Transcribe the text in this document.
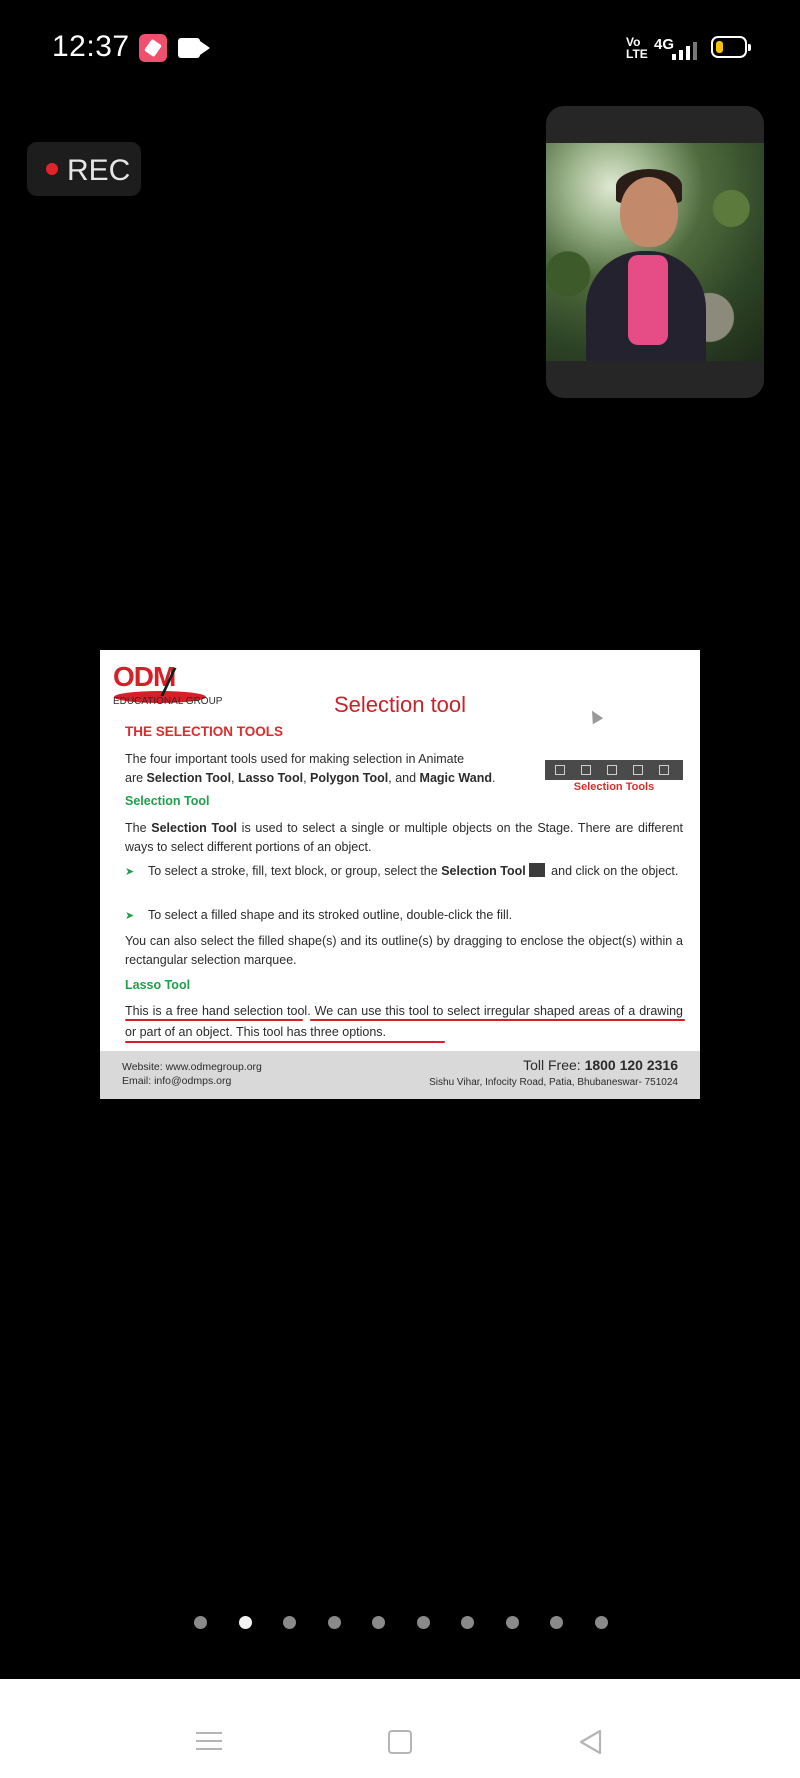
12:37	Vo
LTE
4G
REC
ODM
EDUCATIONAL GROUP	Selection tool
THE SELECTION TOOLS
The four important tools used for making selection in Animate
are Selection Tool, Lasso Tool, Polygon Tool, and Magic Wand.
Selection Tools
Selection Tool
The Selection Tool is used to select a single or multiple objects on the Stage. There are different ways to select different portions of an object.
➤
To select a stroke, fill, text block, or group, select the Selection Tool and click on the object.
➤
To select a filled shape and its stroked outline, double-click the fill.
You can also select the filled shape(s) and its outline(s) by dragging to enclose the object(s) within a rectangular selection marquee.
Lasso Tool
This is a free hand selection tool. We can use this tool to select irregular shaped areas of a drawing or part of an object. This tool has three options.
Website: www.odmegroup.org
Email: info@odmps.org
Toll Free: 1800 120 2316
Sishu Vihar, Infocity Road, Patia, Bhubaneswar- 751024
